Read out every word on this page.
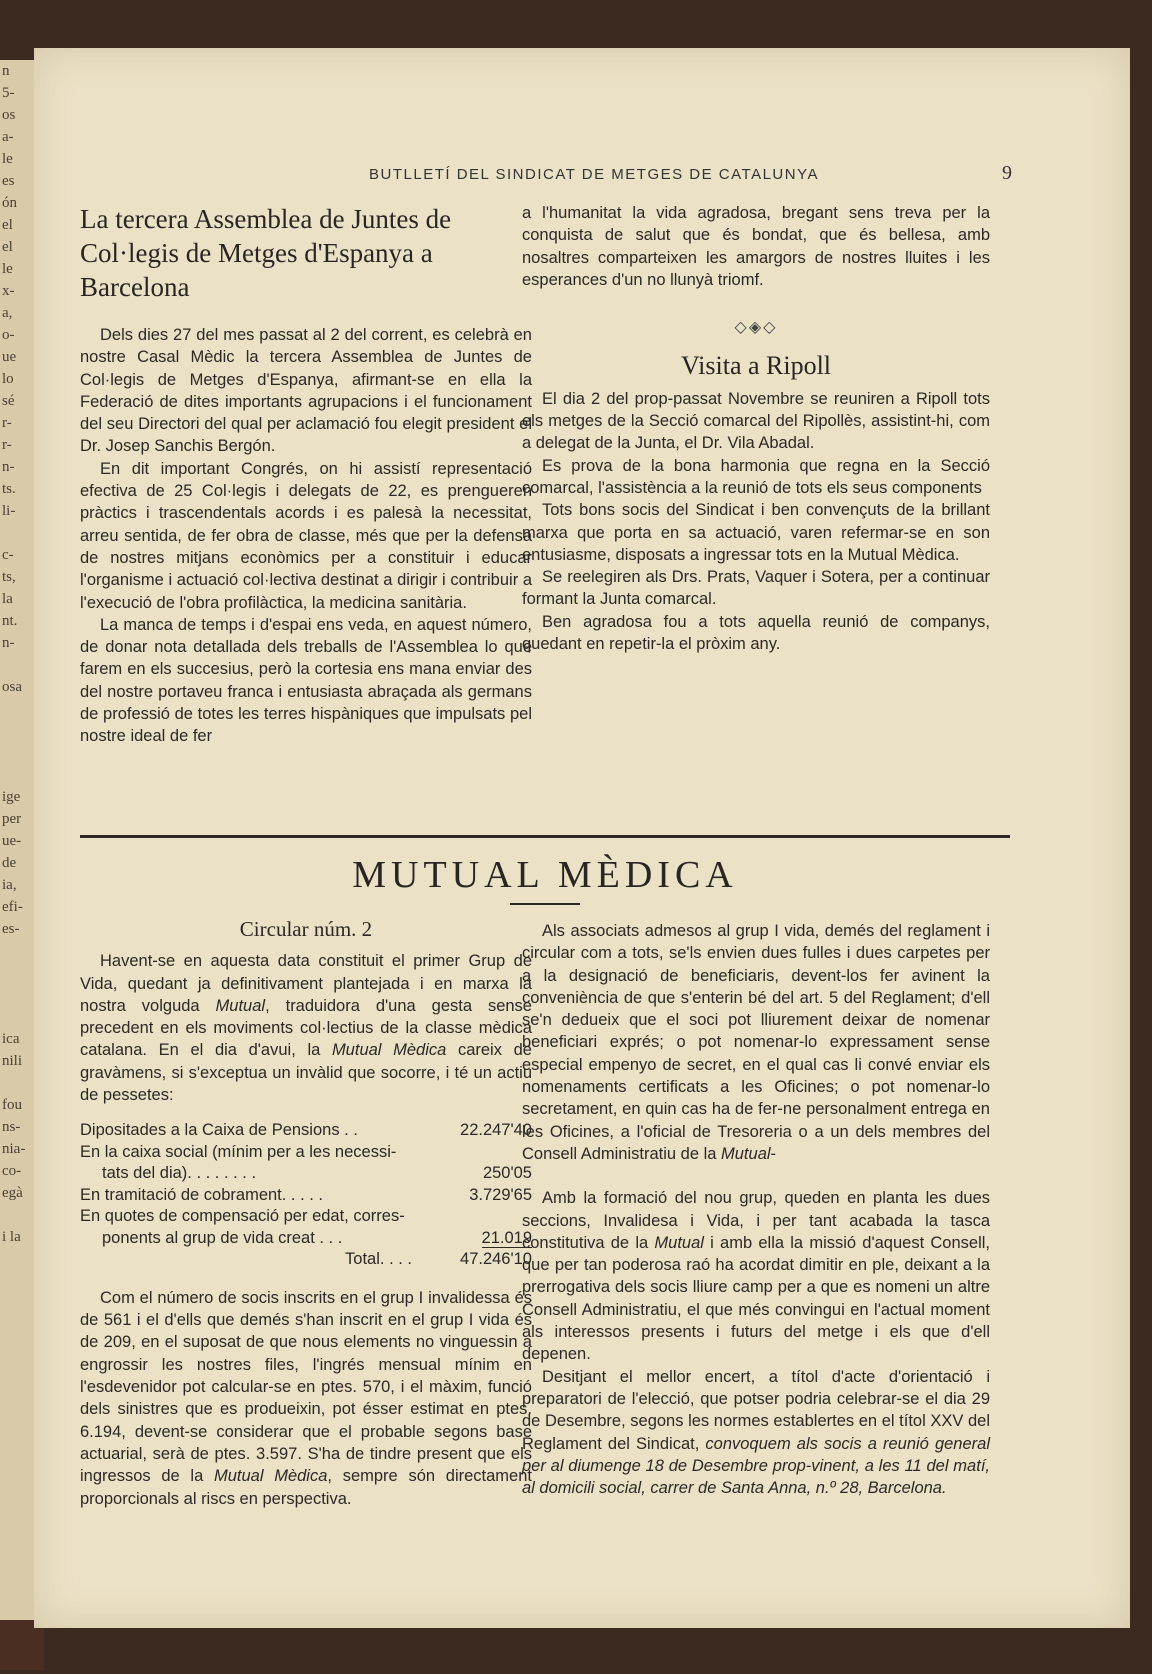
n
5-
os
a-
le
es
ón
el
el
le
x-
a,
o-
ue
lo
sé
r-
r-
n-
ts.
li-

c-
ts,
la
nt.
n-

osa

ige
per
ue-
de
ia,
efi-
es-

ica
nili

fou
ns-
nia-
co-
egà

i la
BUTLLETÍ DEL SINDICAT DE METGES DE CATALUNYA	9
La tercera Assemblea de Juntes de Col·legis de Metges d'Espanya a Barcelona

Dels dies 27 del mes passat al 2 del corrent, es celebrà en nostre Casal Mèdic la tercera Assemblea de Juntes de Col·legis de Metges d'Espanya, afirmant-se en ella la Federació de dites importants agrupacions i el funcionament del seu Directori del qual per aclamació fou elegit president el Dr. Josep Sanchis Bergón.

En dit important Congrés, on hi assistí representació efectiva de 25 Col·legis i delegats de 22, es prengueren pràctics i trascendentals acords i es palesà la necessitat, arreu sentida, de fer obra de classe, més que per la defensa de nostres mitjans econòmics per a constituir i educar l'organisme i actuació col·lectiva destinat a dirigir i contribuir a l'execució de l'obra profilàctica, la medicina sanitària.

La manca de temps i d'espai ens veda, en aquest número, de donar nota detallada dels treballs de l'Assemblea lo que farem en els succesius, però la cortesia ens mana enviar des del nostre portaveu franca i entusiasta abraçada als germans de professió de totes les terres hispàniques que impulsats pel nostre ideal de fer

a l'humanitat la vida agradosa, bregant sens treva per la conquista de salut que és bondat, que és bellesa, amb nosaltres comparteixen les amargors de nostres lluites i les esperances d'un no llunyà triomf.

◇◈◇
Visita a Ripoll

El dia 2 del prop-passat Novembre se reuniren a Ripoll tots els metges de la Secció comarcal del Ripollès, assistint-hi, com a delegat de la Junta, el Dr. Vila Abadal.

Es prova de la bona harmonia que regna en la Secció comarcal, l'assistència a la reunió de tots els seus components

Tots bons socis del Sindicat i ben convençuts de la brillant marxa que porta en sa actuació, varen refermar-se en son entusiasme, disposats a ingressar tots en la Mutual Mèdica.

Se reelegiren als Drs. Prats, Vaquer i Sotera, per a continuar formant la Junta comarcal.

Ben agradosa fou a tots aquella reunió de companys, quedant en repetir-la el pròxim any.

MUTUAL MÈDICA
Circular núm. 2

Havent-se en aquesta data constituit el primer Grup de Vida, quedant ja definitivament plantejada i en marxa la nostra volguda Mutual, traduidora d'una gesta sense precedent en els moviments col·lectius de la classe mèdica catalana. En el dia d'avui, la Mutual Mèdica careix de gravàmens, si s'exceptua un invàlid que socorre, i té un actiu de pessetes:

Dipositades a la Caixa de Pensions . .	22.247'40
En la caixa social (mínim per a les necessi-	
tats del dia). . . . . . . .	250'05
En tramitació de cobrament. . . . .	3.729'65
En quotes de compensació per edat, corres-	
ponents al grup de vida creat . . .	21.019
Total. . . .	47.246'10

Com el número de socis inscrits en el grup I invalidessa és de 561 i el d'ells que demés s'han inscrit en el grup I vida és de 209, en el suposat de que nous elements no vinguessin a engrossir les nostres files, l'ingrés mensual mínim en l'esdevenidor pot calcular-se en ptes. 570, i el màxim, funció dels sinistres que es produeixin, pot ésser estimat en ptes. 6.194, devent-se considerar que el probable segons base actuarial, serà de ptes. 3.597. S'ha de tindre present que els ingressos de la Mutual Mèdica, sempre són directament proporcionals al riscs en perspectiva.

Als associats admesos al grup I vida, demés del reglament i circular com a tots, se'ls envien dues fulles i dues carpetes per a la designació de beneficiaris, devent-los fer avinent la conveniència de que s'enterin bé del art. 5 del Reglament; d'ell se'n dedueix que el soci pot lliurement deixar de nomenar beneficiari exprés; o pot nomenar-lo expressament sense especial empenyo de secret, en el qual cas li convé enviar els nomenaments certificats a les Oficines; o pot nomenar-lo secretament, en quin cas ha de fer-ne personalment entrega en les Oficines, a l'oficial de Tresoreria o a un dels membres del Consell Administratiu de la Mutual-

Amb la formació del nou grup, queden en planta les dues seccions, Invalidesa i Vida, i per tant acabada la tasca constitutiva de la Mutual i amb ella la missió d'aquest Consell, que per tan poderosa raó ha acordat dimitir en ple, deixant a la prerrogativa dels socis lliure camp per a que es nomeni un altre Consell Administratiu, el que més convingui en l'actual moment als interessos presents i futurs del metge i els que d'ell depenen.

Desitjant el mellor encert, a títol d'acte d'orientació i preparatori de l'elecció, que potser podria celebrar-se el dia 29 de Desembre, segons les normes establertes en el títol XXV del Reglament del Sindicat, convoquem als socis a reunió general per al diumenge 18 de Desembre prop-vinent, a les 11 del matí, al domicili social, carrer de Santa Anna, n.º 28, Barcelona.
